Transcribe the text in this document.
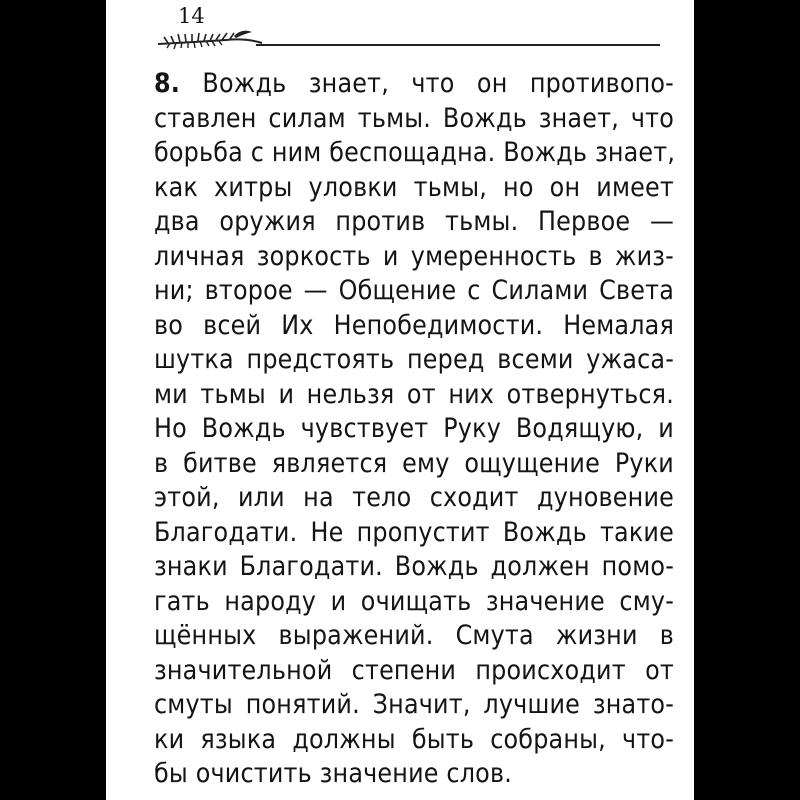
14
8. Вождь знает, что он противопо-
ставлен силам тьмы. Вождь знает, что
борьба с ним беспощадна. Вождь знает,
как хитры уловки тьмы, но он имеет
два оружия против тьмы. Первое —
личная зоркость и умеренность в жиз-
ни; второе — Общение с Силами Света
во всей Их Непобедимости. Немалая
шутка предстоять перед всеми ужаса-
ми тьмы и нельзя от них отвернуться.
Но Вождь чувствует Руку Водящую, и
в битве является ему ощущение Руки
этой, или на тело сходит дуновение
Благодати. Не пропустит Вождь такие
знаки Благодати. Вождь должен помо-
гать народу и очищать значение сму-
щённых выражений. Смута жизни в
значительной степени происходит от
смуты понятий. Значит, лучшие знато-
ки языка должны быть собраны, что-
бы очистить значение слов.
